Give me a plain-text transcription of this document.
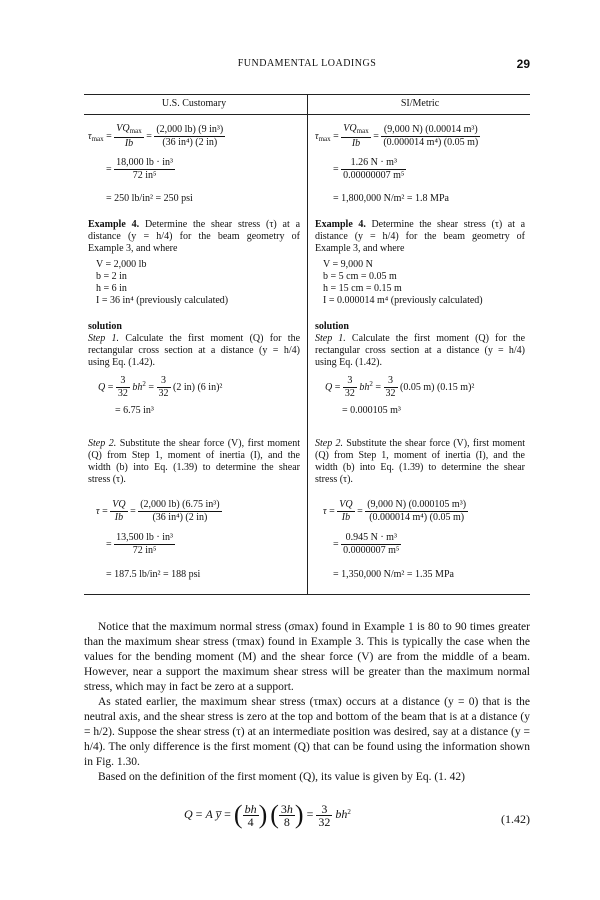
FUNDAMENTAL LOADINGS	29
U.S. Customary
$\tau_{max} = \frac{VQ_{max}}{Ib} = \frac{\text{(2,000 lb) (9 in³)}}{\text{(36 in⁴) (2 in)}}$
= $\frac{\text{18,000 lb · in³}}{\text{72 in⁵}}$
= 250 lb/in² = 250 psi
Example 4. Determine the shear stress (τ) at a distance (y = h/4) for the beam geometry of Example 3, and where
V = 2,000 lb
b = 2 in
h = 6 in
I = 36 in⁴ (previously calculated)
solution
Step 1. Calculate the first moment (Q) for the rectangular cross section at a distance (y = h/4) using Eq. (1.42).
$Q = \frac{3}{32} bh^2 = \frac{3}{32} (2$ in) (6 in)²
= 6.75 in³
Step 2. Substitute the shear force (V), first moment (Q) from Step 1, moment of inertia (I), and the width (b) into Eq. (1.39) to determine the shear stress (τ).
$\tau = \frac{VQ}{Ib} = \frac{\text{(2,000 lb) (6.75 in³)}}{\text{(36 in⁴) (2 in)}}$
= $\frac{\text{13,500 lb · in³}}{\text{72 in⁵}}$
= 187.5 lb/in² = 188 psi
SI/Metric
$\tau_{max} = \frac{VQ_{max}}{Ib} = \frac{\text{(9,000 N) (0.00014 m³)}}{\text{(0.000014 m⁴) (0.05 m)}}$
= $\frac{\text{1.26 N · m³}}{\text{0.00000007 m⁵}}$
= 1,800,000 N/m² = 1.8 MPa
Example 4. Determine the shear stress (τ) at a distance (y = h/4) for the beam geometry of Example 3, and where
V = 9,000 N
b = 5 cm = 0.05 m
h = 15 cm = 0.15 m
I = 0.000014 m⁴ (previously calculated)
solution
Step 1. Calculate the first moment (Q) for the rectangular cross section at a distance (y = h/4) using Eq. (1.42).
$Q = \frac{3}{32} bh^2 = \frac{3}{32} (0.05$ m) (0.15 m)²
= 0.000105 m³
Step 2. Substitute the shear force (V), first moment (Q) from Step 1, moment of inertia (I), and the width (b) into Eq. (1.39) to determine the shear stress (τ).
$\tau = \frac{VQ}{Ib} = \frac{\text{(9,000 N) (0.000105 m³)}}{\text{(0.000014 m⁴) (0.05 m)}}$
= $\frac{\text{0.945 N · m³}}{\text{0.0000007 m⁵}}$
= 1,350,000 N/m² = 1.35 MPa

Notice that the maximum normal stress (σmax) found in Example 1 is 80 to 90 times greater than the maximum shear stress (τmax) found in Example 3. This is typically the case when the values for the bending moment (M) and the shear force (V) are from the middle of a beam. However, near a support the maximum shear stress will be greater than the maximum normal stress, which may in fact be zero at a support.

As stated earlier, the maximum shear stress (τmax) occurs at a distance (y = 0) that is the neutral axis, and the shear stress is zero at the top and bottom of the beam that is at a distance (y = h/2). Suppose the shear stress (τ) at an intermediate position was desired, say at a distance (y = h/4). The only difference is the first moment (Q) that can be found using the information shown in Fig. 1.30.

Based on the definition of the first moment (Q), its value is given by Eq. (1. 42)

Q = A y̅ = ( $\frac{bh}{4}$ ) ( $\frac{3h}{8}$ ) = $\frac{3}{32} bh^2$
(1.42)
